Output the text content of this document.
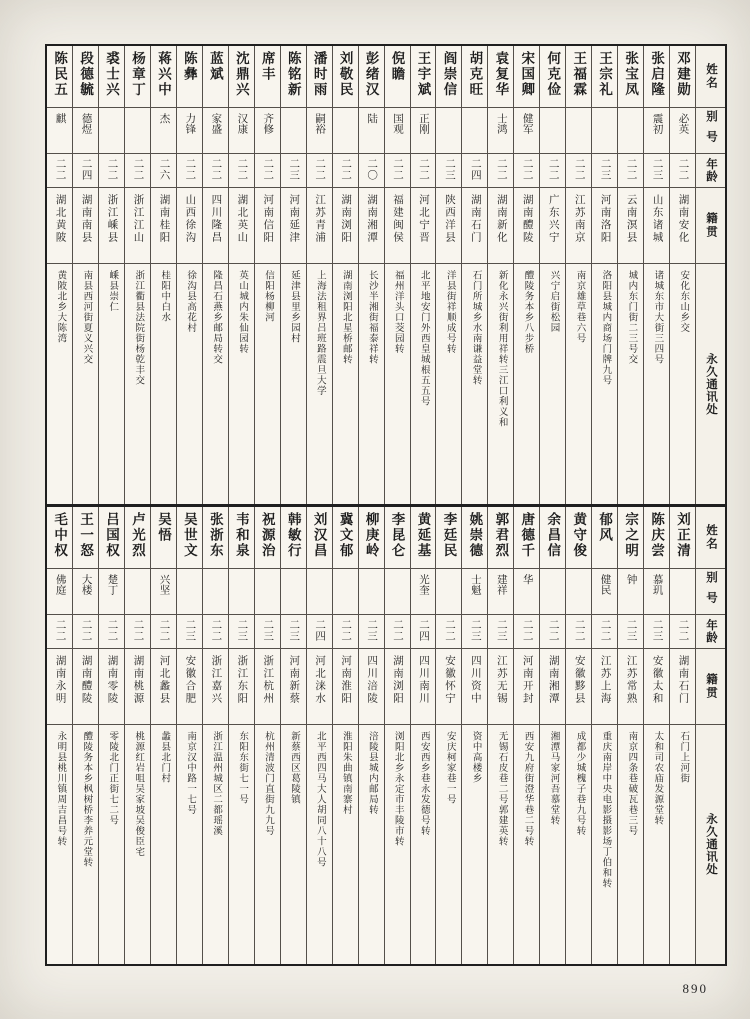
姓名
别号
年龄
籍贯
永久通讯处
邓建勋
必英
二二
湖南安化
安化东山乡交
张启隆
震初
二三
山东诸城
诸城东市大街三四号
张宝凤
二二
云南溟县
城内东门街二三号交
王宗礼
二三
河南洛阳
洛阳县城内商场门牌九号
王福霖
二二
江苏南京
南京雄草巷六号
何克俭
二二
广东兴宁
兴宁启街松园
宋国卿
健军
二二
湖南醴陵
醴陵务本乡八步桥
袁复华
士鸿
二二
湖南新化
新化永兴街利用祥转三江口利义和
胡克旺
二四
湖南石门
石门所城乡水南谦益堂转
阎崇信
二三
陕西洋县
洋县街祥顺成号转
王宇斌
正刚
二二
河北宁晋
北平地安门外西皇城根五五号
倪瞻
国观
二二
福建闽侯
福州洋头口茭园转
彭绪汉
陆
二〇
湖南湘潭
长沙半湘街福泰祥转
刘敬民
二二
湖南浏阳
湖南浏阳北星桥邮转
潘时雨
嗣裕
二二
江苏青浦
上海法租界吕班路震旦大学
陈铭新
二三
河南延津
延津县里乡园村
席丰
齐修
二二
河南信阳
信阳杨柳河
沈鼎兴
汉康
二二
湖北英山
英山城内朱仙园转
蓝斌
家盛
二二
四川隆昌
隆昌石燕乡邮局转交
陈彝
力锋
二二
山西徐沟
徐沟县高花村
蒋兴中
杰
二六
湖南桂阳
桂阳中白水
杨章丁
二二
浙江江山
浙江衢县法院街杨乾丰交
裘士兴
二二
浙江嵊县
嵊县崇仁
段德毓
德煜
二四
湖南南县
南县西河街夏义兴交
陈民五
麒
二二
湖北黄陂
黄陂北乡大陈湾
姓名
别号
年龄
籍贯
永久通讯处
刘正清
二二
湖南石门
石门上河街
陈庆尝
慕玑
二三
安徽太和
太和司农庙发源堂转
宗之明
钟
二三
江苏常熟
南京四条巷破瓦巷三号
郁风
健民
二二
江苏上海
重庆南岸中央电影摄影场丁伯和转
黄守俊
二二
安徽黟县
成都少城槐子巷九号转
余昌信
二二
湖南湘潭
湘潭马家河吾慕堂转
唐德千
华
二二
河南开封
西安九府街澄华巷二号转
郭君烈
建祥
二三
江苏无锡
无锡石皮巷二号郭建英转
姚崇德
士魁
二三
四川资中
资中高楼乡
李廷民
二二
安徽怀宁
安庆柯家巷一号
黄延基
光奎
二四
四川南川
西安西乡巷永发德号转
李昆仑
二二
湖南浏阳
浏阳北乡永定市丰陵市转
柳庚岭
二三
四川涪陵
涪陵县城内邮局转
冀文郁
二二
河南淮阳
淮阳朱曲镇南寨村
刘汉昌
二四
河北涞水
北平西四马大人胡同八十八号
韩敏行
二三
河南新蔡
新蔡西区葛陵镇
祝源治
二三
浙江杭州
杭州清波门直街九九号
韦和泉
二三
浙江东阳
东阳东街七一号
张浙东
二二
浙江嘉兴
浙江温州城区二都瑶溪
吴世文
二三
安徽合肥
南京汉中路一七号
吴悟
兴坚
二二
河北蠡县
蠡县北门村
卢光烈
二二
湖南桃源
桃源红岩咀吴家坡吴俊臣宅
吕国权
楚丁
二二
湖南零陵
零陵北门正街七二号
王一怒
大楼
二二
湖南醴陵
醴陵务本乡枫树桥李养元堂转
毛中权
佛庭
二二
湖南永明
永明县桃川镇周吉昌号转
890
